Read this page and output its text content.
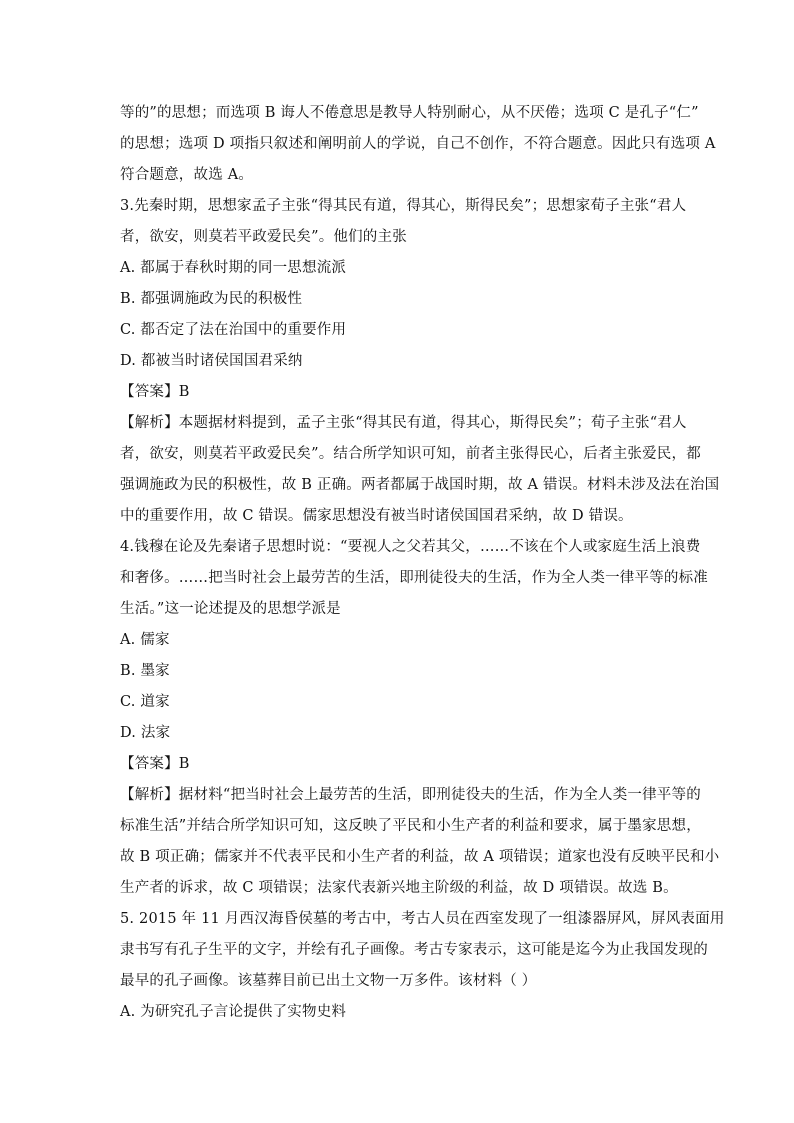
等的”的思想；而选项 B 诲人不倦意思是教导人特别耐心，从不厌倦；选项 C 是孔子“仁”
的思想；选项 D 项指只叙述和阐明前人的学说，自己不创作，不符合题意。因此只有选项 A
符合题意，故选 A。
3.先秦时期，思想家孟子主张“得其民有道，得其心，斯得民矣”；思想家荀子主张“君人
者，欲安，则莫若平政爱民矣”。他们的主张
A. 都属于春秋时期的同一思想流派
B. 都强调施政为民的积极性
C. 都否定了法在治国中的重要作用
D. 都被当时诸侯国国君采纳
【答案】B
【解析】本题据材料提到，孟子主张“得其民有道，得其心，斯得民矣”；荀子主张“君人
者，欲安，则莫若平政爱民矣”。结合所学知识可知，前者主张得民心，后者主张爱民，都
强调施政为民的积极性，故 B 正确。两者都属于战国时期，故 A 错误。材料未涉及法在治国
中的重要作用，故 C 错误。儒家思想没有被当时诸侯国国君采纳，故 D 错误。
4.钱穆在论及先秦诸子思想时说：“要视人之父若其父，……不该在个人或家庭生活上浪费
和奢侈。……把当时社会上最劳苦的生活，即刑徒役夫的生活，作为全人类一律平等的标准
生活。”这一论述提及的思想学派是
A. 儒家
B. 墨家
C. 道家
D. 法家
【答案】B
【解析】据材料“把当时社会上最劳苦的生活，即刑徒役夫的生活，作为全人类一律平等的
标准生活”并结合所学知识可知，这反映了平民和小生产者的利益和要求，属于墨家思想，
故 B 项正确；儒家并不代表平民和小生产者的利益，故 A 项错误；道家也没有反映平民和小
生产者的诉求，故 C 项错误；法家代表新兴地主阶级的利益，故 D 项错误。故选 B。
5. 2015 年 11 月西汉海昏侯墓的考古中，考古人员在西室发现了一组漆器屏风，屏风表面用
隶书写有孔子生平的文字，并绘有孔子画像。考古专家表示，这可能是迄今为止我国发现的
最早的孔子画像。该墓葬目前已出土文物一万多件。该材料（ ）
A. 为研究孔子言论提供了实物史料
